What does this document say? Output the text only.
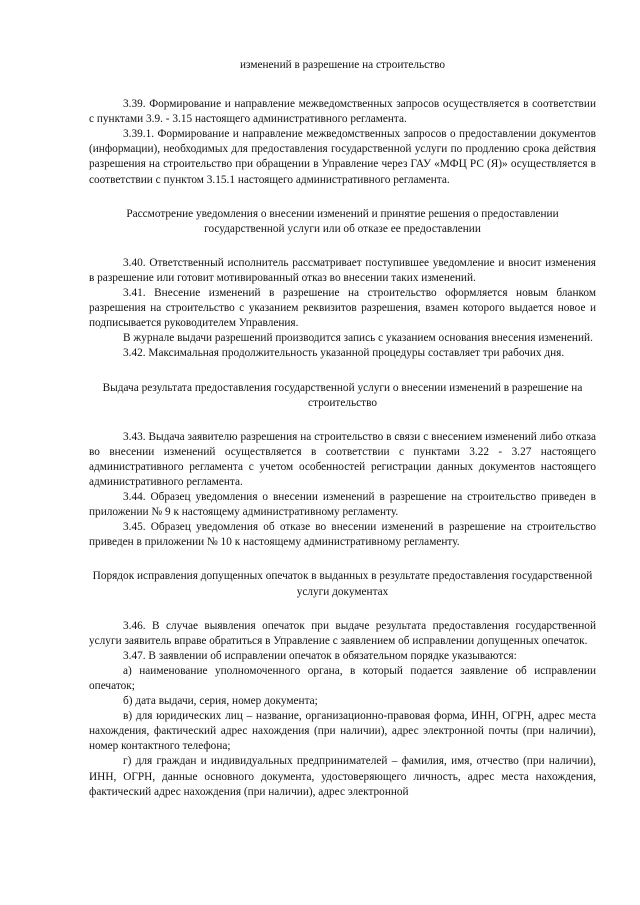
изменений в разрешение на строительство

3.39. Формирование и направление межведомственных запросов осуществляется в соответствии с пунктами 3.9. - 3.15 настоящего административного регламента.

3.39.1. Формирование и направление межведомственных запросов о предоставлении документов (информации), необходимых для предоставления государственной услуги по продлению срока действия разрешения на строительство при обращении в Управление через ГАУ «МФЦ РС (Я)» осуществляется в соответствии с пунктом 3.15.1 настоящего административного регламента.

Рассмотрение уведомления о внесении изменений и принятие решения о предоставлении государственной услуги или об отказе ее предоставлении

3.40. Ответственный исполнитель рассматривает поступившее уведомление и вносит изменения в разрешение или готовит мотивированный отказ во внесении таких изменений.

3.41. Внесение изменений в разрешение на строительство оформляется новым бланком разрешения на строительство с указанием реквизитов разрешения, взамен которого выдается новое и подписывается руководителем Управления.

В журнале выдачи разрешений производится запись с указанием основания внесения изменений.

3.42. Максимальная продолжительность указанной процедуры составляет три рабочих дня.

Выдача результата предоставления государственной услуги о внесении изменений в разрешение на строительство

3.43. Выдача заявителю разрешения на строительство в связи с внесением изменений либо отказа во внесении изменений осуществляется в соответствии с пунктами 3.22 - 3.27 настоящего административного регламента с учетом особенностей регистрации данных документов настоящего административного регламента.

3.44. Образец уведомления о внесении изменений в разрешение на строительство приведен в приложении № 9 к настоящему административному регламенту.

3.45. Образец уведомления об отказе во внесении изменений в разрешение на строительство приведен в приложении № 10 к настоящему административному регламенту.

Порядок исправления допущенных опечаток в выданных в результате предоставления государственной услуги документах

3.46. В случае выявления опечаток при выдаче результата предоставления государственной услуги заявитель вправе обратиться в Управление с заявлением об исправлении допущенных опечаток.

3.47. В заявлении об исправлении опечаток в обязательном порядке указываются:

а) наименование уполномоченного органа, в который подается заявление об исправлении опечаток;

б) дата выдачи, серия, номер документа;

в) для юридических лиц – название, организационно-правовая форма, ИНН, ОГРН, адрес места нахождения, фактический адрес нахождения (при наличии), адрес электронной почты (при наличии), номер контактного телефона;

г) для граждан и индивидуальных предпринимателей – фамилия, имя, отчество (при наличии), ИНН, ОГРН, данные основного документа, удостоверяющего личность, адрес места нахождения, фактический адрес нахождения (при наличии), адрес электронной
